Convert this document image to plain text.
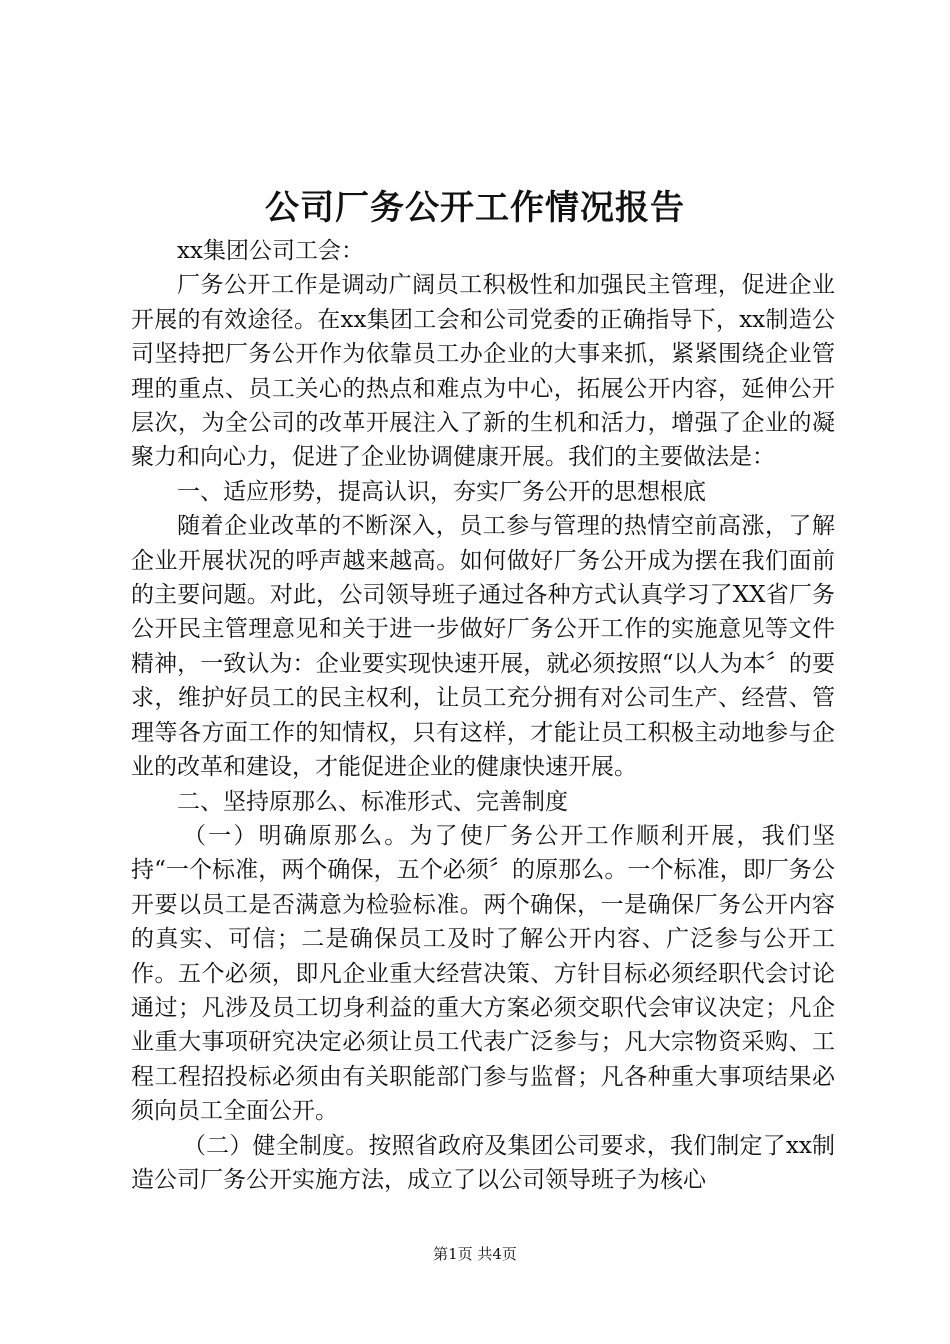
公司厂务公开工作情况报告

xx集团公司工会：

厂务公开工作是调动广阔员工积极性和加强民主管理，促进企业开展的有效途径。在xx集团工会和公司党委的正确指导下，xx制造公司坚持把厂务公开作为依靠员工办企业的大事来抓，紧紧围绕企业管理的重点、员工关心的热点和难点为中心，拓展公开内容，延伸公开层次，为全公司的改革开展注入了新的生机和活力，增强了企业的凝聚力和向心力，促进了企业协调健康开展。我们的主要做法是：

一、适应形势，提高认识，夯实厂务公开的思想根底

随着企业改革的不断深入，员工参与管理的热情空前高涨，了解企业开展状况的呼声越来越高。如何做好厂务公开成为摆在我们面前的主要问题。对此，公司领导班子通过各种方式认真学习了XX省厂务公开民主管理意见和关于进一步做好厂务公开工作的实施意见等文件精神，一致认为：企业要实现快速开展，就必须按照“以人为本〞的要求，维护好员工的民主权利，让员工充分拥有对公司生产、经营、管理等各方面工作的知情权，只有这样，才能让员工积极主动地参与企业的改革和建设，才能促进企业的健康快速开展。

二、坚持原那么、标准形式、完善制度

（一）明确原那么。为了使厂务公开工作顺利开展，我们坚持“一个标准，两个确保，五个必须〞的原那么。一个标准，即厂务公开要以员工是否满意为检验标准。两个确保，一是确保厂务公开内容的真实、可信；二是确保员工及时了解公开内容、广泛参与公开工作。五个必须，即凡企业重大经营决策、方针目标必须经职代会讨论通过；凡涉及员工切身利益的重大方案必须交职代会审议决定；凡企业重大事项研究决定必须让员工代表广泛参与；凡大宗物资采购、工程工程招投标必须由有关职能部门参与监督；凡各种重大事项结果必须向员工全面公开。

（二）健全制度。按照省政府及集团公司要求，我们制定了xx制造公司厂务公开实施方法，成立了以公司领导班子为核心

第1页 共4页
